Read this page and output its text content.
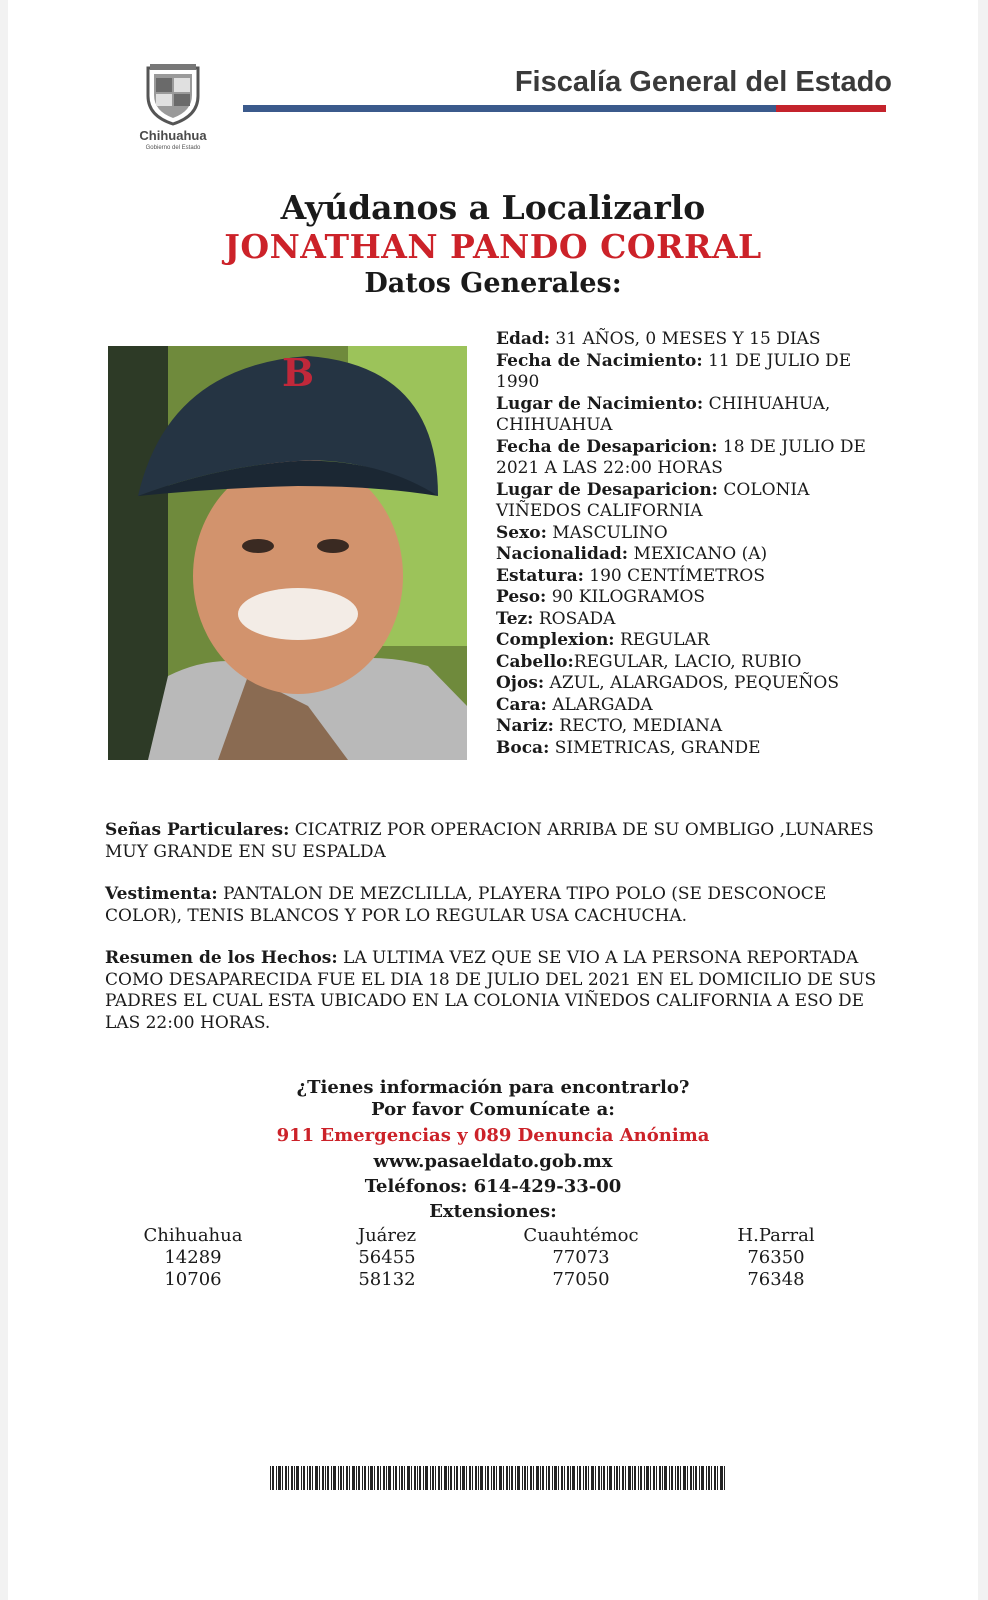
Chihuahua
Gobierno del Estado
Fiscalía General del Estado
Ayúdanos a Localizarlo
JONATHAN PANDO CORRAL
Datos Generales:
B

Edad: 31 AÑOS, 0 MESES Y 15 DIAS

Fecha de Nacimiento: 11 DE JULIO DE 1990

Lugar de Nacimiento: CHIHUAHUA, CHIHUAHUA

Fecha de Desaparicion: 18 DE JULIO DE 2021 A LAS 22:00 HORAS

Lugar de Desaparicion: COLONIA VIÑEDOS CALIFORNIA

Sexo: MASCULINO

Nacionalidad: MEXICANO (A)

Estatura: 190 CENTÍMETROS

Peso: 90 KILOGRAMOS

Tez: ROSADA

Complexion: REGULAR

Cabello:REGULAR, LACIO, RUBIO

Ojos: AZUL, ALARGADOS, PEQUEÑOS

Cara: ALARGADA

Nariz: RECTO, MEDIANA

Boca: SIMETRICAS, GRANDE

Señas Particulares: CICATRIZ POR OPERACION ARRIBA DE SU OMBLIGO ,LUNARES MUY GRANDE EN SU ESPALDA

Vestimenta: PANTALON DE MEZCLILLA, PLAYERA TIPO POLO (SE DESCONOCE COLOR), TENIS BLANCOS Y POR LO REGULAR USA CACHUCHA.

Resumen de los Hechos: LA ULTIMA VEZ QUE SE VIO A LA PERSONA REPORTADA COMO DESAPARECIDA FUE EL DIA 18 DE JULIO DEL 2021 EN EL DOMICILIO DE SUS PADRES EL CUAL ESTA UBICADO EN LA COLONIA VIÑEDOS CALIFORNIA A ESO DE LAS 22:00 HORAS.

¿Tienes información para encontrarlo?
Por favor Comunícate a:
911 Emergencias y 089 Denuncia Anónima
www.pasaeldato.gob.mx
Teléfonos: 614-429-33-00
Extensiones:
Chihuahua
14289
10706
Juárez
56455
58132
Cuauhtémoc
77073
77050
H.Parral
76350
76348
